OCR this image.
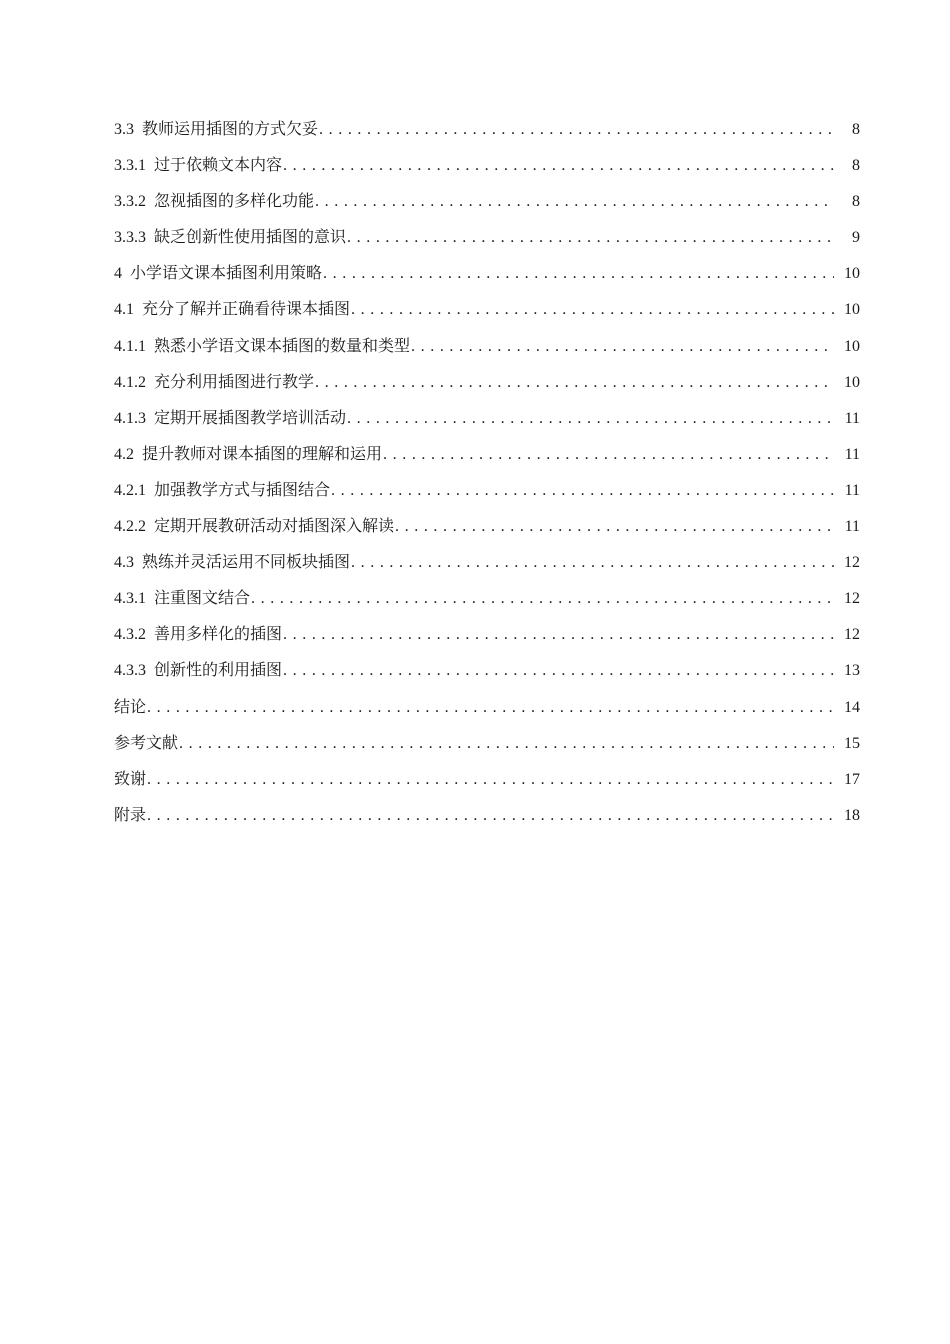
3.3 教师运用插图的方式欠妥 . . .	8
3.3.1 过于依赖文本内容 . . .	8
3.3.2 忽视插图的多样化功能 . . .	8
3.3.3 缺乏创新性使用插图的意识 . . .	9
4 小学语文课本插图利用策略 . . .	10
4.1 充分了解并正确看待课本插图 . . .	10
4.1.1 熟悉小学语文课本插图的数量和类型 . . .	10
4.1.2 充分利用插图进行教学 . . .	10
4.1.3 定期开展插图教学培训活动 . . .	11
4.2 提升教师对课本插图的理解和运用 . . .	11
4.2.1 加强教学方式与插图结合 . . .	11
4.2.2 定期开展教研活动对插图深入解读 . . .	11
4.3 熟练并灵活运用不同板块插图 . . .	12
4.3.1 注重图文结合 . . .	12
4.3.2 善用多样化的插图 . . .	12
4.3.3 创新性的利用插图 . . .	13
结论 . . .	14
参考文献 . . .	15
致谢 . . .	17
附录 . . .	18
